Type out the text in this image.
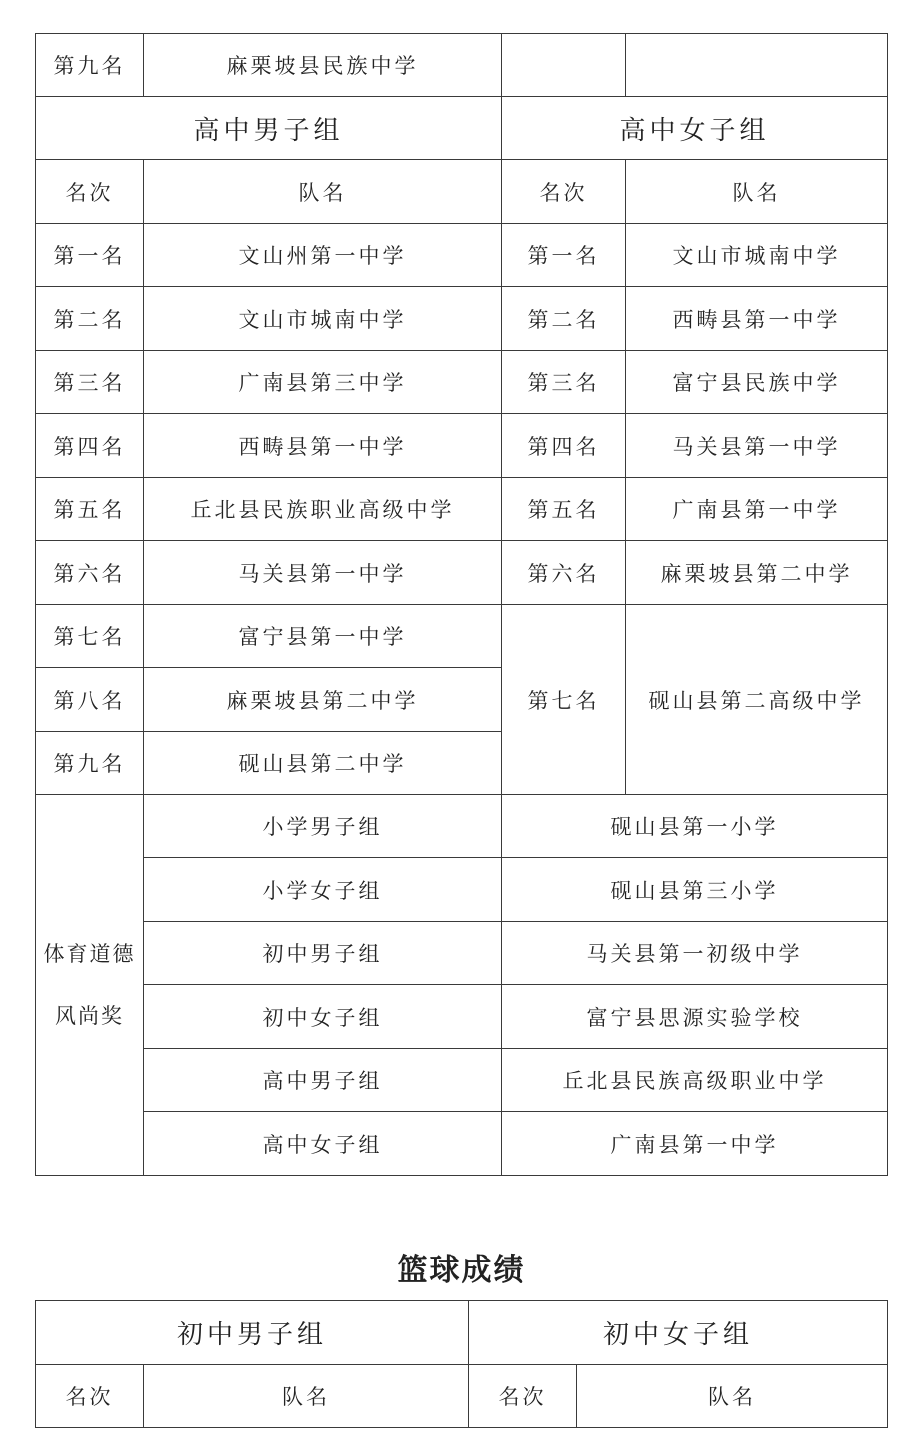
第九名	麻栗坡县民族中学		
高中男子组		高中女子组	
名次	队名	名次	队名
第一名	文山州第一中学	第一名	文山市城南中学
第二名	文山市城南中学	第二名	西畴县第一中学
第三名	广南县第三中学	第三名	富宁县民族中学
第四名	西畴县第一中学	第四名	马关县第一中学
第五名	丘北县民族职业高级中学	第五名	广南县第一中学
第六名	马关县第一中学	第六名	麻栗坡县第二中学
第七名	富宁县第一中学	第七名	砚山县第二高级中学
第八名	麻栗坡县第二中学		
第九名	砚山县第二中学		
体育道德风尚奖	小学男子组	砚山县第一小学	
	小学女子组	砚山县第三小学	
	初中男子组	马关县第一初级中学	
	初中女子组	富宁县思源实验学校	
	高中男子组	丘北县民族高级职业中学	
	高中女子组	广南县第一中学	
篮球成绩
初中男子组		初中女子组	
名次	队名	名次	队名
